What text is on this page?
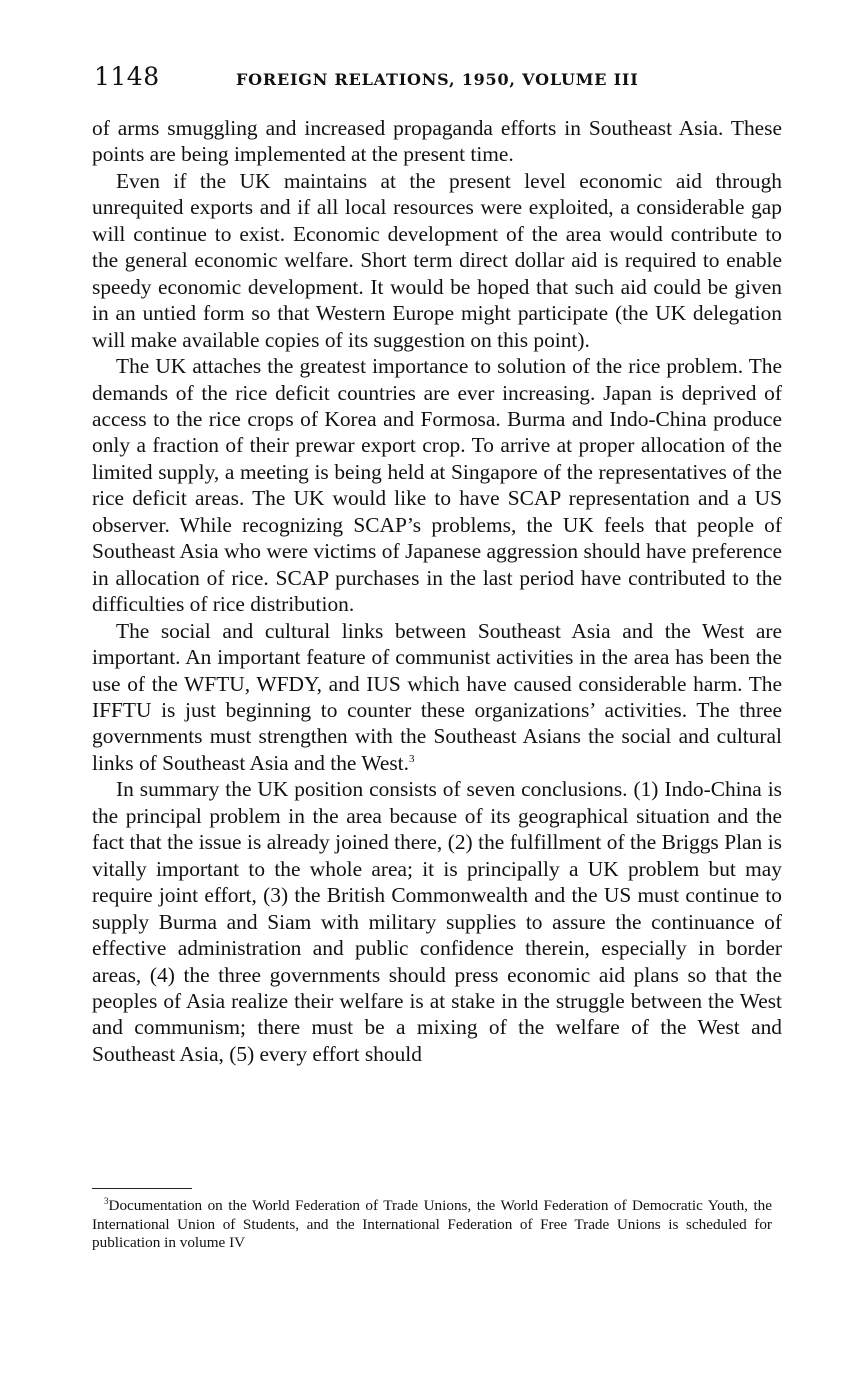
1148	FOREIGN RELATIONS, 1950, VOLUME III

of arms smuggling and increased propaganda efforts in Southeast Asia. These points are being implemented at the present time.

Even if the UK maintains at the present level economic aid through unrequited exports and if all local resources were exploited, a considerable gap will continue to exist. Economic development of the area would contribute to the general economic welfare. Short term direct dollar aid is required to enable speedy economic development. It would be hoped that such aid could be given in an untied form so that Western Europe might participate (the UK delegation will make available copies of its suggestion on this point).

The UK attaches the greatest importance to solution of the rice problem. The demands of the rice deficit countries are ever increasing. Japan is deprived of access to the rice crops of Korea and Formosa. Burma and Indo-China produce only a fraction of their prewar export crop. To arrive at proper allocation of the limited supply, a meeting is being held at Singapore of the representatives of the rice deficit areas. The UK would like to have SCAP representation and a US observer. While recognizing SCAP’s problems, the UK feels that people of Southeast Asia who were victims of Japanese aggression should have preference in allocation of rice. SCAP purchases in the last period have contributed to the difficulties of rice distribution.

The social and cultural links between Southeast Asia and the West are important. An important feature of communist activities in the area has been the use of the WFTU, WFDY, and IUS which have caused considerable harm. The IFFTU is just beginning to counter these organizations’ activities. The three governments must strengthen with the Southeast Asians the social and cultural links of Southeast Asia and the West.$^3$

In summary the UK position consists of seven conclusions. (1) Indo-China is the principal problem in the area because of its geographical situation and the fact that the issue is already joined there, (2) the fulfillment of the Briggs Plan is vitally important to the whole area; it is principally a UK problem but may require joint effort, (3) the British Commonwealth and the US must continue to supply Burma and Siam with military supplies to assure the continuance of effective administration and public confidence therein, especially in border areas, (4) the three governments should press economic aid plans so that the peoples of Asia realize their welfare is at stake in the struggle between the West and communism; there must be a mixing of the welfare of the West and Southeast Asia, (5) every effort should

$^3$Documentation on the World Federation of Trade Unions, the World Federation of Democratic Youth, the International Union of Students, and the International Federation of Free Trade Unions is scheduled for publication in volume IV
